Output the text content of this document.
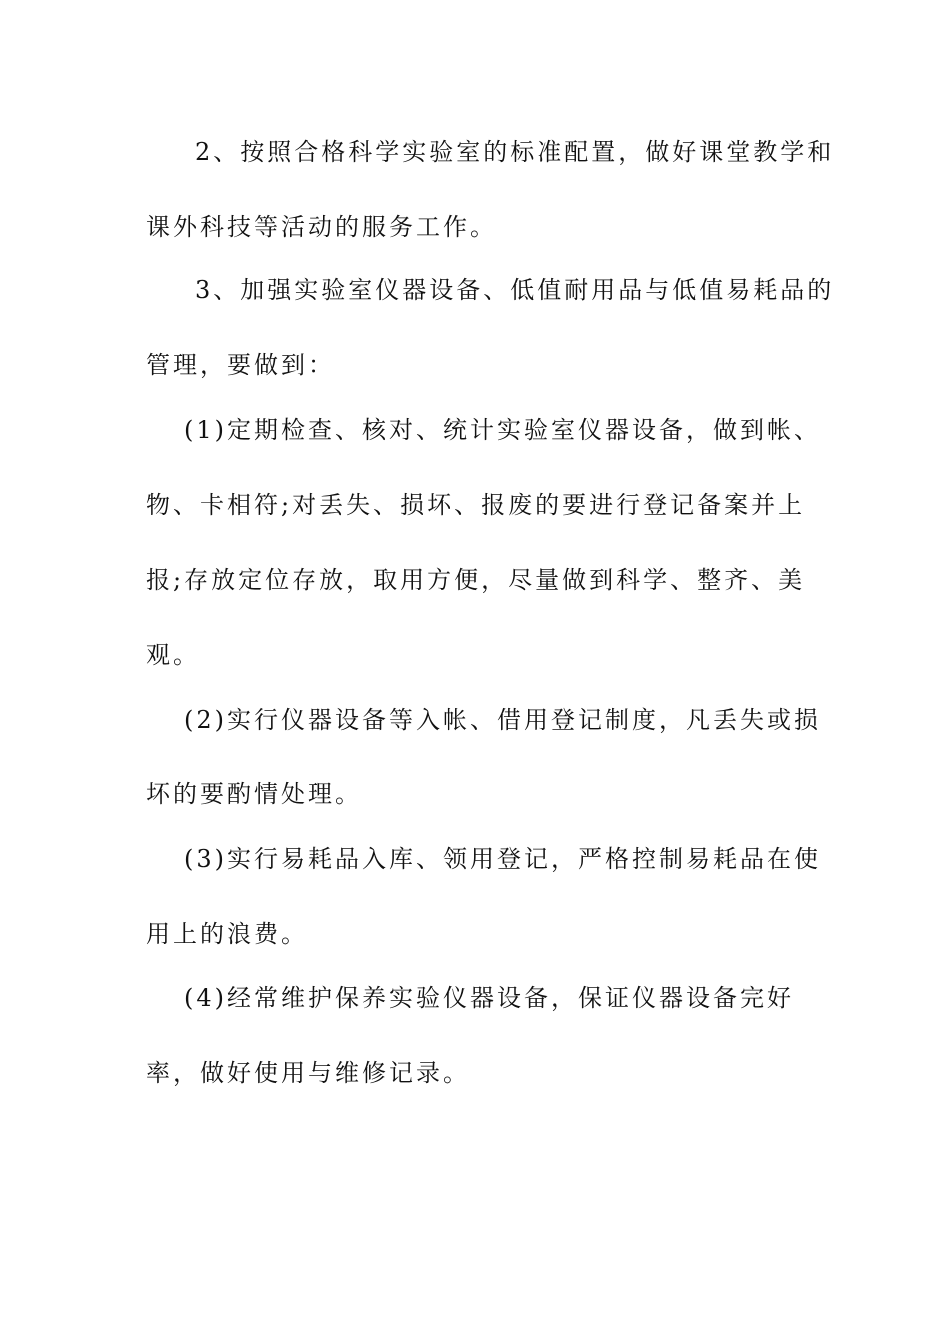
2、按照合格科学实验室的标准配置，做好课堂教学和
课外科技等活动的服务工作。
3、加强实验室仪器设备、低值耐用品与低值易耗品的
管理，要做到：
(1)定期检查、核对、统计实验室仪器设备，做到帐、
物、卡相符;对丢失、损坏、报废的要进行登记备案并上
报;存放定位存放，取用方便，尽量做到科学、整齐、美
观。
(2)实行仪器设备等入帐、借用登记制度，凡丢失或损
坏的要酌情处理。
(3)实行易耗品入库、领用登记，严格控制易耗品在使
用上的浪费。
(4)经常维护保养实验仪器设备，保证仪器设备完好
率，做好使用与维修记录。
